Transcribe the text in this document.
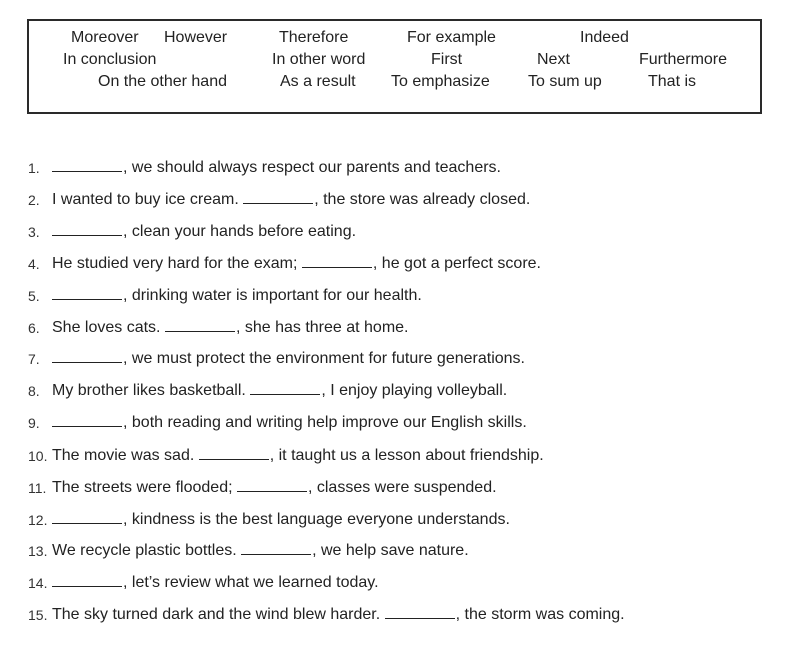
Moreover However	Therefore	For example	Indeed
In conclusion	In other word	First	Next	Furthermore
On the other hand	As a result To emphasize To sum up	That is
1.	, we should always respect our parents and teachers.
2. I wanted to buy ice cream.	, the store was already closed.
3.	, clean your hands before eating.
4. He studied very hard for the exam;	, he got a perfect score.
5.	, drinking water is important for our health.
6. She loves cats.	, she has three at home.
7.	, we must protect the environment for future generations.
8. My brother likes basketball.	, I enjoy playing volleyball.
9.	, both reading and writing help improve our English skills.
10. The movie was sad.	, it taught us a lesson about friendship.
11. The streets were flooded;	, classes were suspended.
12.	, kindness is the best language everyone understands.
13. We recycle plastic bottles.	, we help save nature.
14.	, let’s review what we learned today.
15. The sky turned dark and the wind blew harder.	, the storm was coming.
